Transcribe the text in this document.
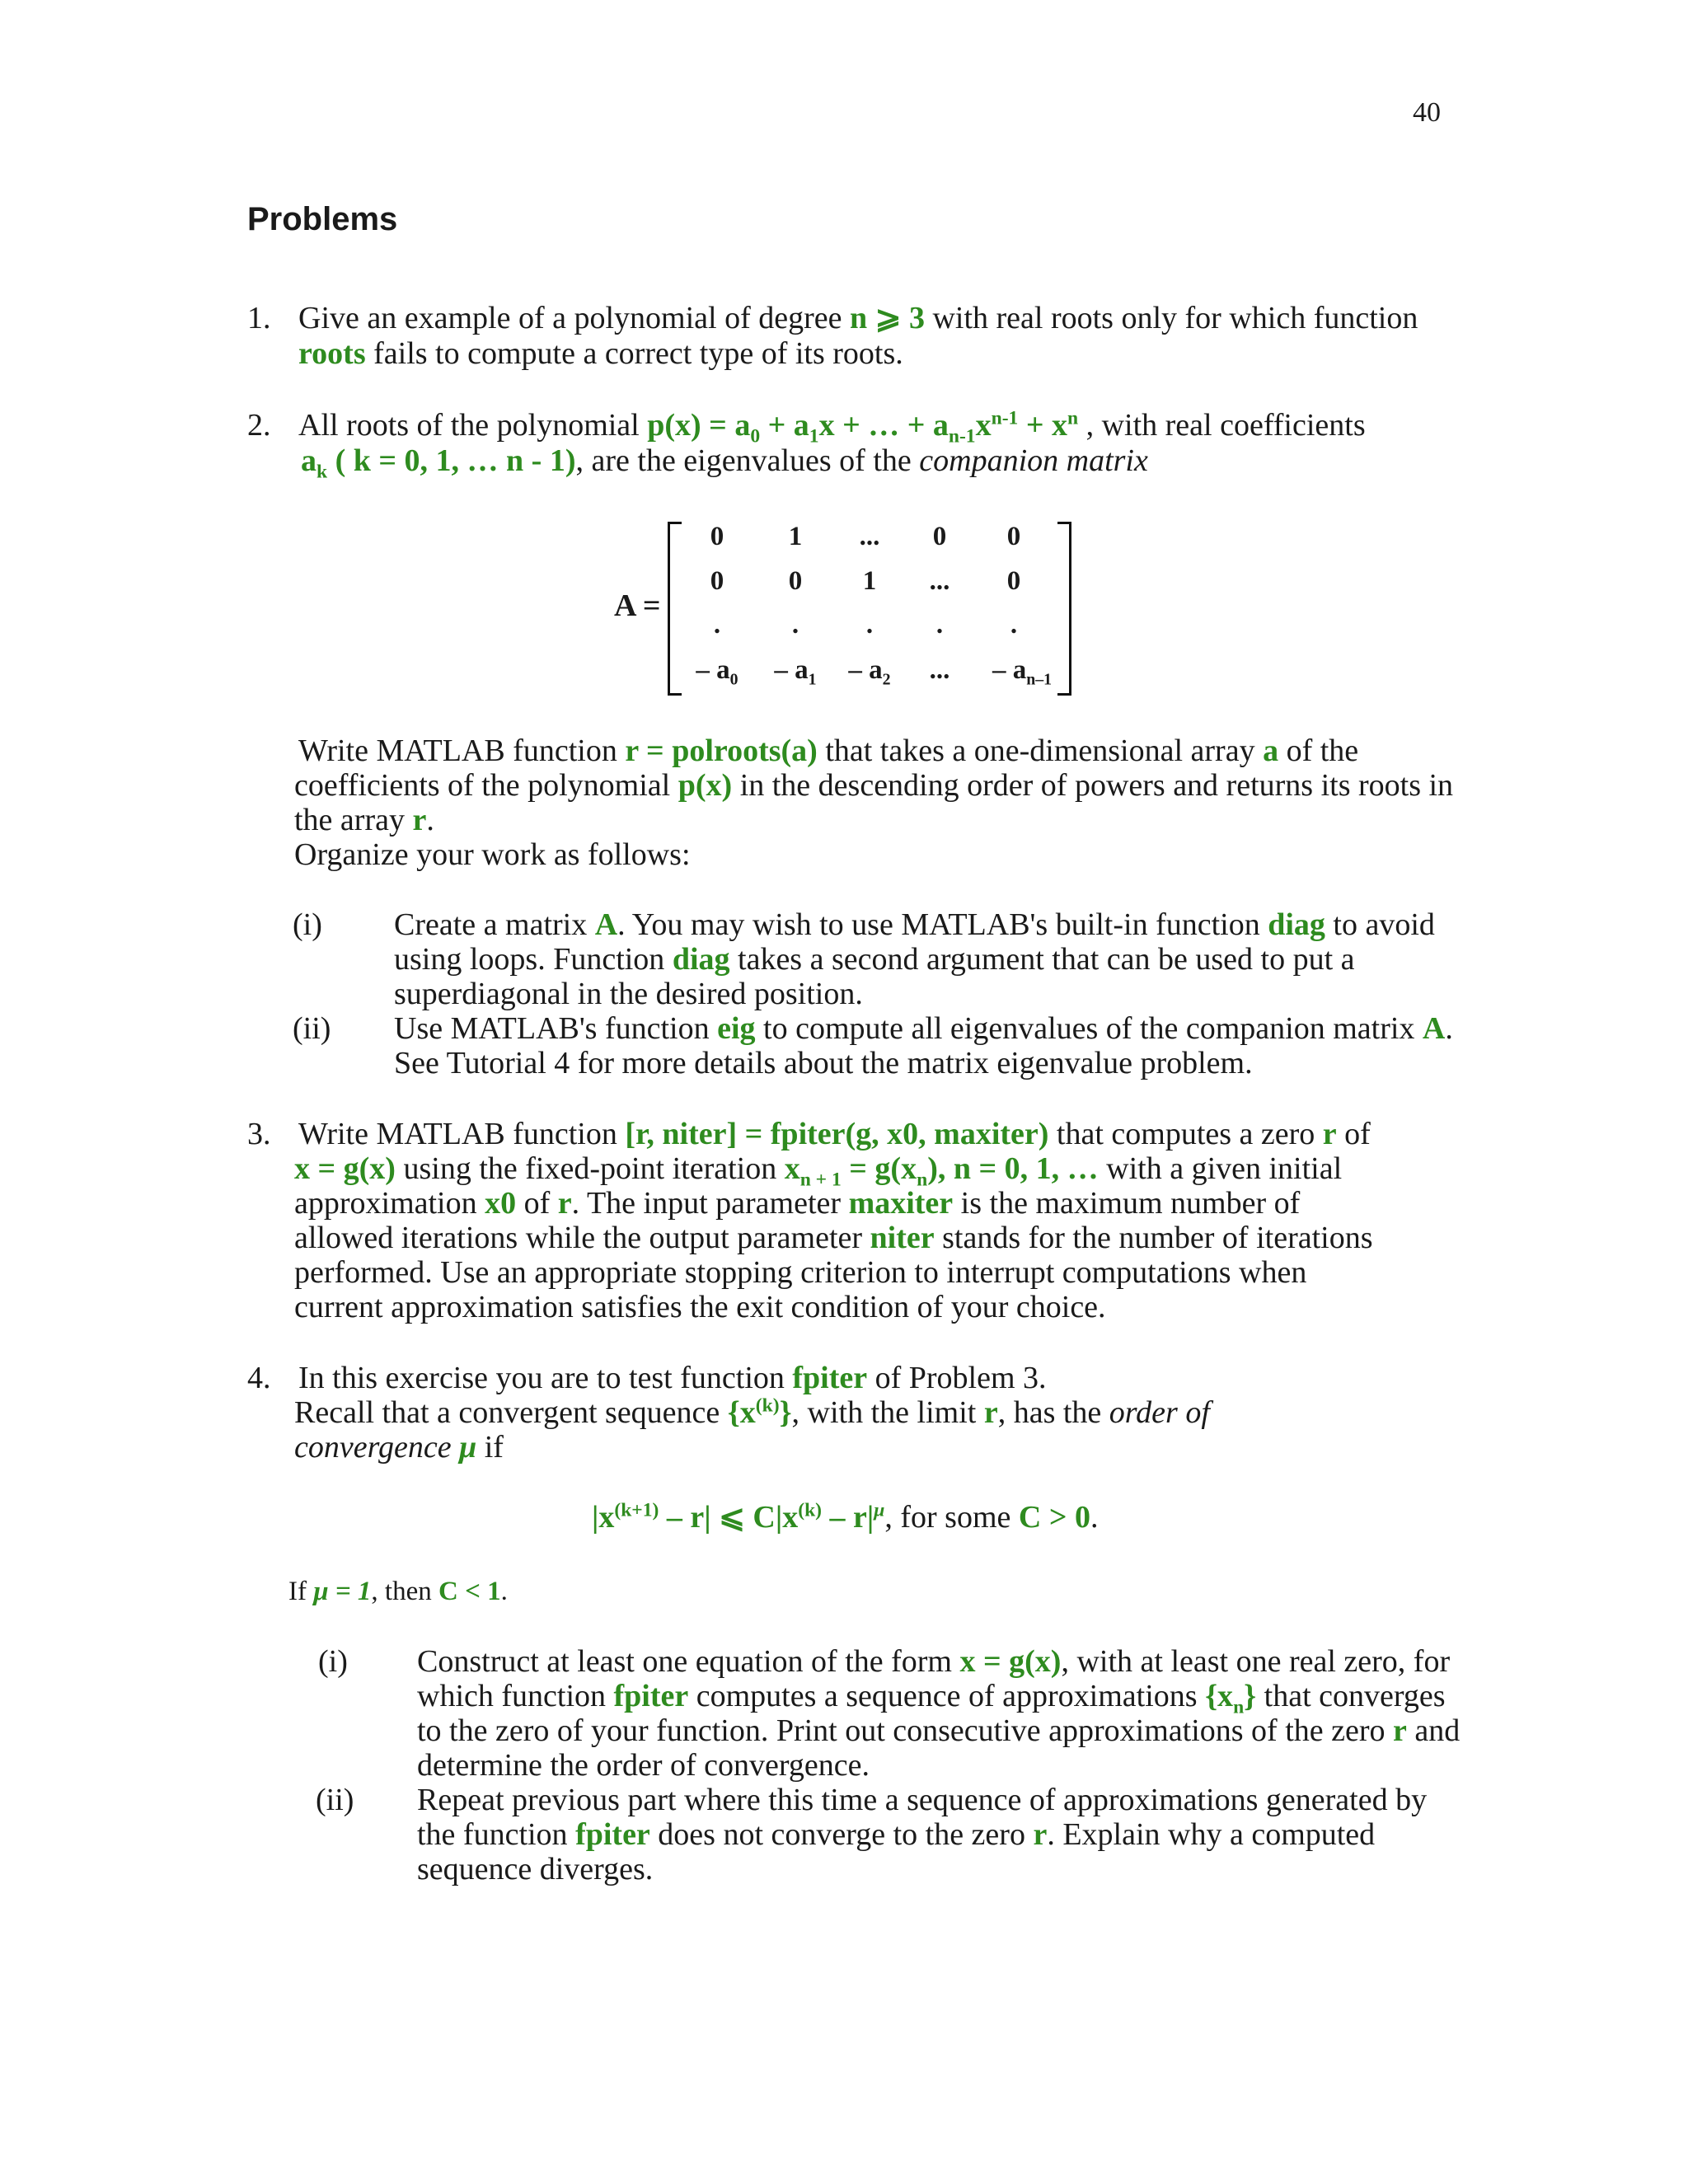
40
Problems
1. Give an example of a polynomial of degree n ⩾ 3 with real roots only for which function
roots fails to compute a correct type of its roots.
2. All roots of the polynomial $p(x) = a_0 + a_1x$ + … + $a_{n-1}x^{n-1} + x^n$ , with real coefficients
$a_k$ ( k = 0, 1, … n - 1), are the eigenvalues of the companion matrix
A =
0	1	...	0	0
0	0	1	...	0
.	.	.	.	.
– $a_0$	– $a_1$	– $a_2$	...	– $a_{n-1}$
Write MATLAB function r = polroots(a) that takes a one-dimensional array a of the
coefficients of the polynomial p(x) in the descending order of powers and returns its roots in
the array r.
Organize your work as follows:
(i) Create a matrix A. You may wish to use MATLAB's built-in function diag to avoid
using loops. Function diag takes a second argument that can be used to put a
superdiagonal in the desired position.
(ii) Use MATLAB's function eig to compute all eigenvalues of the companion matrix A.
See Tutorial 4 for more details about the matrix eigenvalue problem.
3. Write MATLAB function [r, niter] = fpiter(g, x0, maxiter) that computes a zero r of
x = g(x) using the fixed-point iteration $x_{n + 1} = g(x_n)$, n = 0, 1, … with a given initial
approximation x0 of r. The input parameter maxiter is the maximum number of
allowed iterations while the output parameter niter stands for the number of iterations
performed. Use an appropriate stopping criterion to interrupt computations when
current approximation satisfies the exit condition of your choice.
4. In this exercise you are to test function fpiter of Problem 3.
Recall that a convergent sequence $\{x^{(k)}\}$, with the limit r, has the order of
convergence μ if
$|x^{(k+1)} - r|$ ⩽ $C|x^{(k)} - r|^\mu$, for some C > 0.
If μ = 1, then C < 1.
(i) Construct at least one equation of the form x = g(x), with at least one real zero, for
which function fpiter computes a sequence of approximations $\{x_n\}$ that converges
to the zero of your function. Print out consecutive approximations of the zero r and
determine the order of convergence.
(ii) Repeat previous part where this time a sequence of approximations generated by
the function fpiter does not converge to the zero r. Explain why a computed
sequence diverges.
